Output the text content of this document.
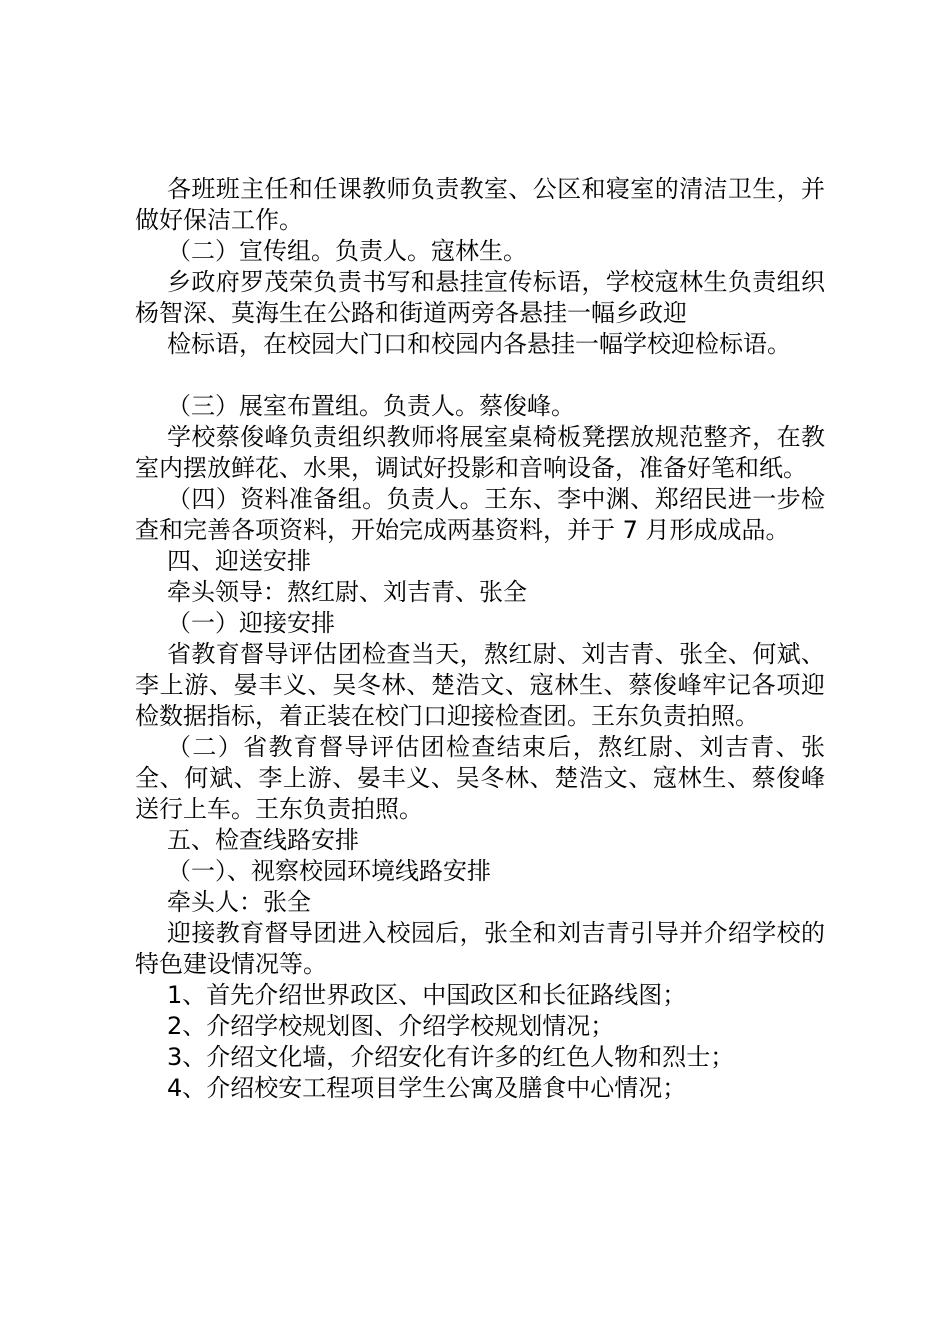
各班班主任和任课教师负责教室、公区和寝室的清洁卫生，并做好保洁工作。

（二）宣传组。负责人。寇林生。

乡政府罗茂荣负责书写和悬挂宣传标语，学校寇林生负责组织杨智深、莫海生在公路和街道两旁各悬挂一幅乡政迎

检标语，在校园大门口和校园内各悬挂一幅学校迎检标语。

（三）展室布置组。负责人。蔡俊峰。

学校蔡俊峰负责组织教师将展室桌椅板凳摆放规范整齐，在教室内摆放鲜花、水果，调试好投影和音响设备，准备好笔和纸。

（四）资料准备组。负责人。王东、李中渊、郑绍民进一步检查和完善各项资料，开始完成两基资料，并于 7 月形成成品。

四、迎送安排

牵头领导：熬红尉、刘吉青、张全

（一）迎接安排

省教育督导评估团检查当天，熬红尉、刘吉青、张全、何斌、李上游、晏丰义、吴冬林、楚浩文、寇林生、蔡俊峰牢记各项迎检数据指标，着正装在校门口迎接检查团。王东负责拍照。

（二）省教育督导评估团检查结束后，熬红尉、刘吉青、张全、何斌、李上游、晏丰义、吴冬林、楚浩文、寇林生、蔡俊峰送行上车。王东负责拍照。

五、检查线路安排

（一）、视察校园环境线路安排

牵头人：张全

迎接教育督导团进入校园后，张全和刘吉青引导并介绍学校的特色建设情况等。

1、首先介绍世界政区、中国政区和长征路线图；

2、介绍学校规划图、介绍学校规划情况；

3、介绍文化墙，介绍安化有许多的红色人物和烈士；

4、介绍校安工程项目学生公寓及膳食中心情况；
